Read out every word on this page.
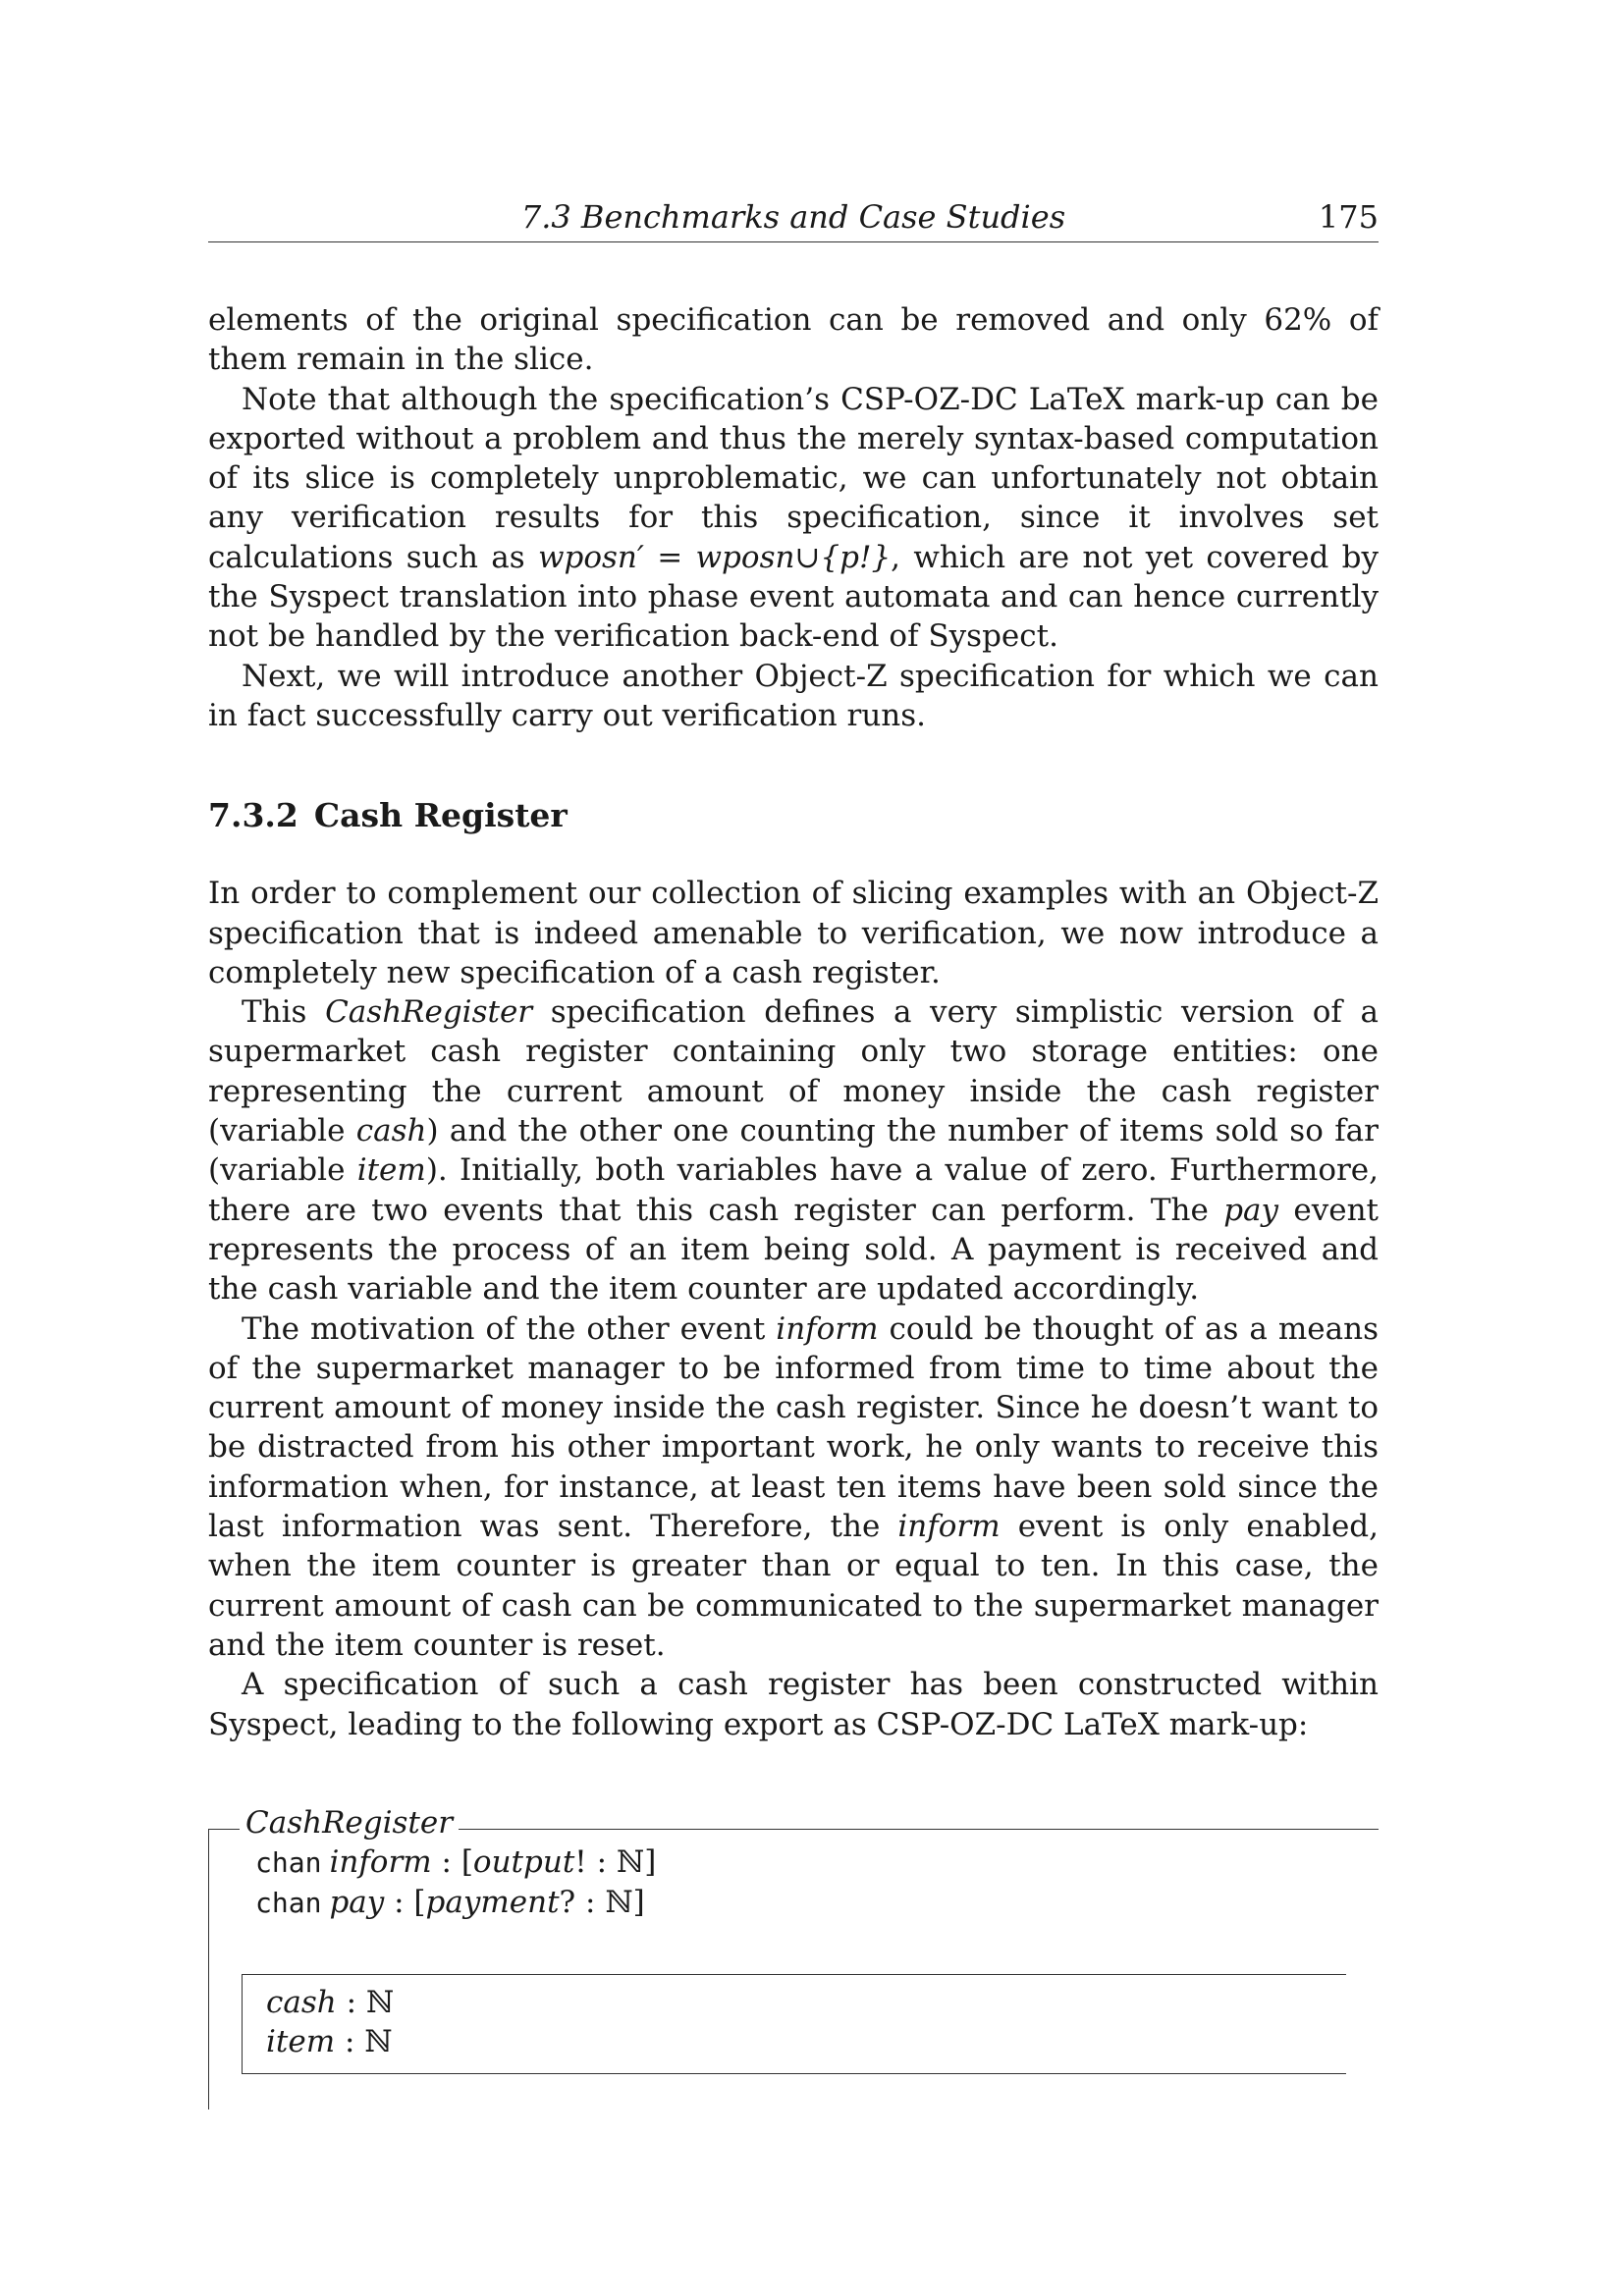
7.3 Benchmarks and Case Studies	175

elements of the original specification can be removed and only 62% of them remain in the slice.

Note that although the specification’s CSP-OZ-DC LaTeX mark-up can be exported without a problem and thus the merely syntax-based computation of its slice is completely unproblematic, we can unfortunately not obtain any verification results for this specification, since it involves set calculations such as wposn′ = wposn∪{p!}, which are not yet covered by the Syspect translation into phase event automata and can hence currently not be handled by the verification back-end of Syspect.

Next, we will introduce another Object-Z specification for which we can in fact successfully carry out verification runs.

7.3.2 Cash Register

In order to complement our collection of slicing examples with an Object-Z specification that is indeed amenable to verification, we now introduce a completely new specification of a cash register.

This CashRegister specification defines a very simplistic version of a supermarket cash register containing only two storage entities: one representing the current amount of money inside the cash register (variable cash) and the other one counting the number of items sold so far (variable item). Initially, both variables have a value of zero. Furthermore, there are two events that this cash register can perform. The pay event represents the process of an item being sold. A payment is received and the cash variable and the item counter are updated accordingly.

The motivation of the other event inform could be thought of as a means of the supermarket manager to be informed from time to time about the current amount of money inside the cash register. Since he doesn’t want to be distracted from his other important work, he only wants to receive this information when, for instance, at least ten items have been sold since the last information was sent. Therefore, the inform event is only enabled, when the item counter is greater than or equal to ten. In this case, the current amount of cash can be communicated to the supermarket manager and the item counter is reset.

A specification of such a cash register has been constructed within Syspect, leading to the following export as CSP-OZ-DC LaTeX mark-up:

CashRegister
chan inform : [output! : ℕ]
chan pay : [payment? : ℕ]
cash : ℕ
item : ℕ
